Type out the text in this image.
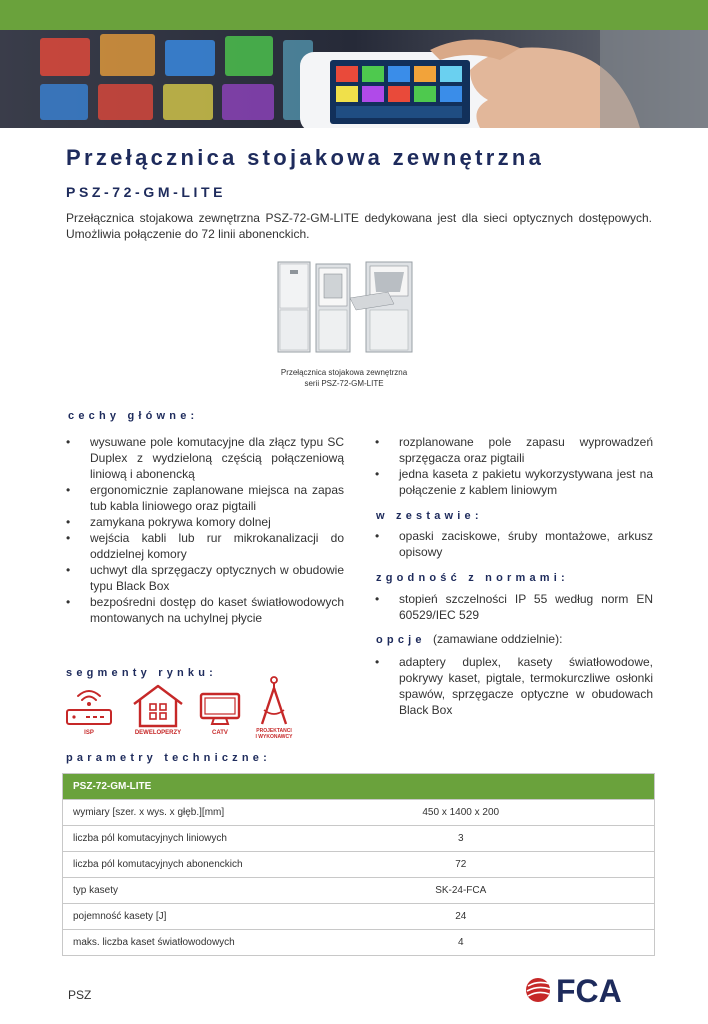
Przełącznica stojakowa zewnętrzna
PSZ-72-GM-LITE

Przełącznica stojakowa zewnętrzna PSZ-72-GM-LITE dedykowana jest dla sieci optycznych dostępowych. Umożliwia połączenie do 72 linii abonenckich.

Przełącznica stojakowa zewnętrzna
serii PSZ-72-GM-LITE
cechy główne:
• wysuwane pole komutacyjne dla złącz typu SC Duplex z wydzieloną częścią połączeniową liniową i abonencką
• ergonomicznie zaplanowane miejsca na zapas tub kabla liniowego oraz pigtaili
• zamykana pokrywa komory dolnej
• wejścia kabli lub rur mikrokanalizacji do oddzielnej komory
• uchwyt dla sprzęgaczy optycznych w obudowie typu Black Box
• bezpośredni dostęp do kaset światłowodowych montowanych na uchylnej płycie
• rozplanowane pole zapasu wyprowadzeń sprzęgacza oraz pigtaili
• jedna kaseta z pakietu wykorzystywana jest na połączenie z kablem liniowym
w zestawie:
• opaski zaciskowe, śruby montażowe, arkusz opisowy
zgodność z normami:
• stopień szczelności IP 55 według norm EN 60529/IEC 529
opcje (zamawiane oddzielnie):
• adaptery duplex, kasety światłowodowe, pokrywy kaset, pigtale, termokurczliwe osłonki spawów, sprzęgacze optyczne w obudowach Black Box
segmenty rynku:
ISP	DEWELOPERZY	CATV	PROJEKTANCI
I WYKONAWCY
parametry techniczne:
PSZ-72-GM-LITE	
wymiary [szer. x wys. x głęb.][mm]	450 x 1400 x 200
liczba pól komutacyjnych liniowych	3
liczba pól komutacyjnych abonenckich	72
typ kasety	SK-24-FCA
pojemność kasety [J]	24
maks. liczba kaset światłowodowych	4
PSZ	FCA
